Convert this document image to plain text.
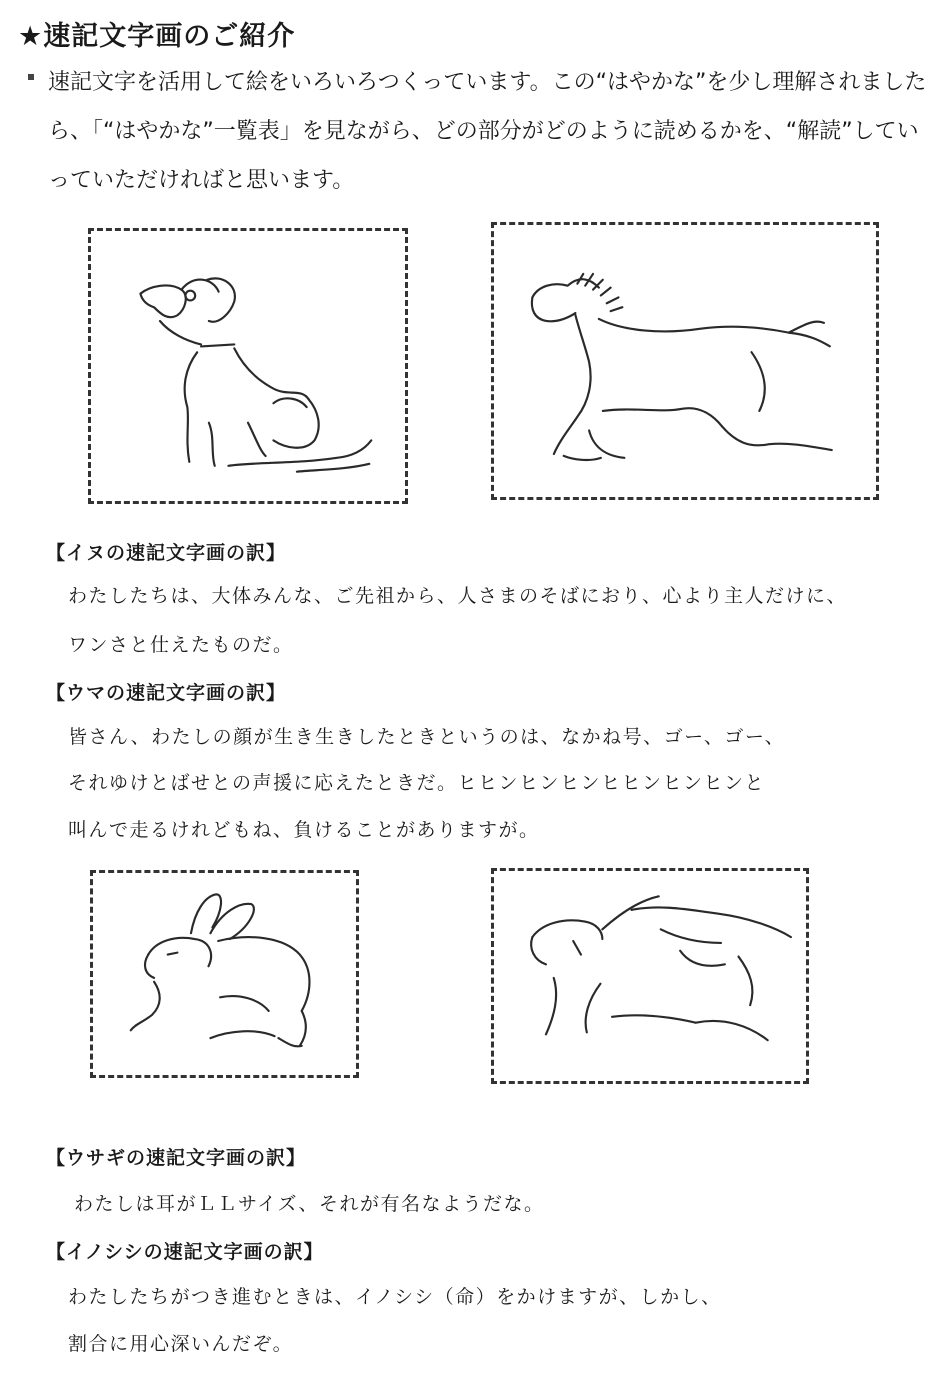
★速記文字画のご紹介
速記文字を活用して絵をいろいろつくっています。この“はやかな”を少し理解されましたら、「“はやかな”一覧表」を見ながら、どの部分がどのように読めるかを、“解読”していっていただければと思います。
【イヌの速記文字画の訳】
わたしたちは、大体みんな、ご先祖から、人さまのそばにおり、心より主人だけに、
ワンさと仕えたものだ。
【ウマの速記文字画の訳】
皆さん、わたしの顔が生き生きしたときというのは、なかね号、ゴー、ゴー、
それゆけとばせとの声援に応えたときだ。ヒヒンヒンヒンヒヒンヒンヒンと
叫んで走るけれどもね、負けることがありますが。
【ウサギの速記文字画の訳】
わたしは耳がＬＬサイズ、それが有名なようだな。
【イノシシの速記文字画の訳】
わたしたちがつき進むときは、イノシシ（命）をかけますが、しかし、
割合に用心深いんだぞ。
